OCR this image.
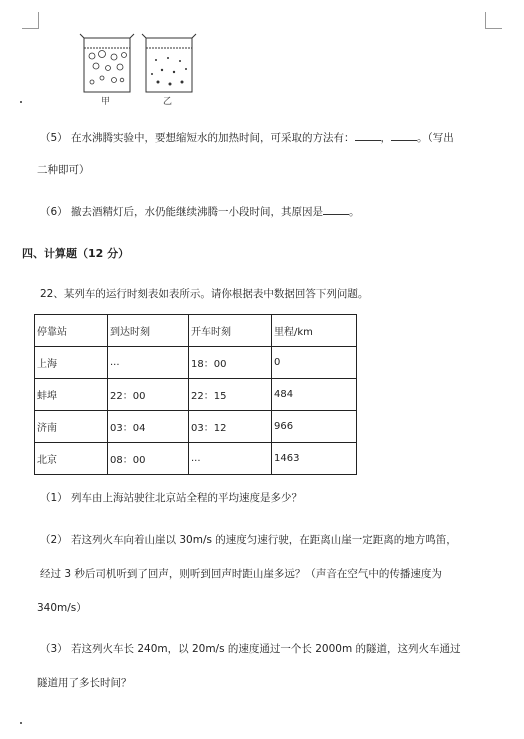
甲	乙
（5） 在水沸腾实验中，要想缩短水的加热时间，可采取的方法有： ， 。（写出
二种即可）
（6） 撤去酒精灯后，水仍能继续沸腾一小段时间，其原因是 。
四、计算题（12 分）
22、某列车的运行时刻表如表所示。请你根据表中数据回答下列问题。
停靠站	到达时刻	开车时刻	里程/km
上海	...	18：00	0
蚌埠	22：00	22：15	484
济南	03：04	03：12	966
北京	08：00	...	1463
（1） 列车由上海站驶往北京站全程的平均速度是多少？
（2） 若这列火车向着山崖以 30m/s 的速度匀速行驶，在距离山崖一定距离的地方鸣笛，
经过 3 秒后司机听到了回声，则听到回声时距山崖多远？（声音在空气中的传播速度为
340m/s）
（3） 若这列火车长 240m，以 20m/s 的速度通过一个长 2000m 的隧道，这列火车通过
隧道用了多长时间？
